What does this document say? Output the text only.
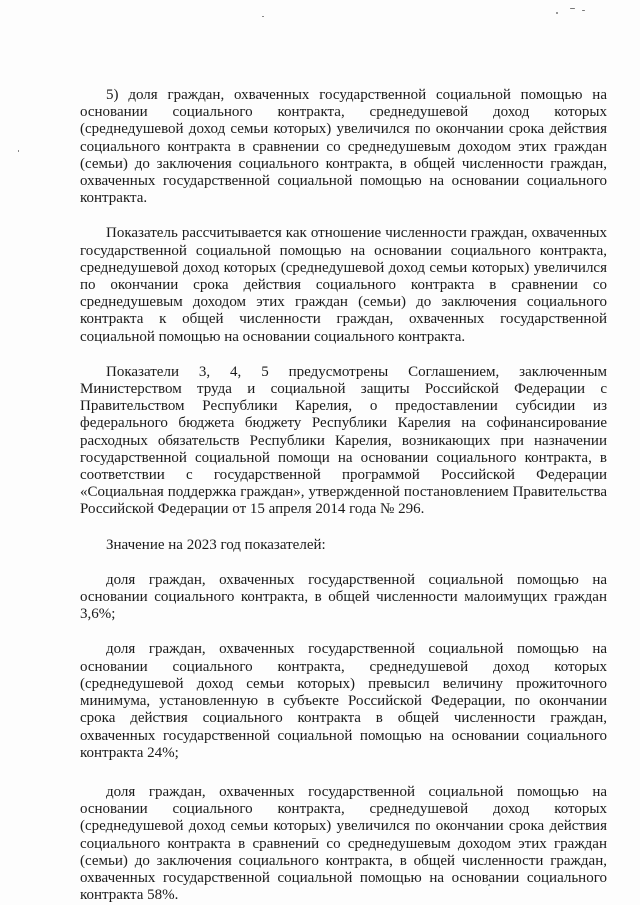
5) доля граждан, охваченных государственной социальной помощью на основании социального контракта, среднедушевой доход которых (среднедушевой доход семьи которых) увеличился по окончании срока действия социального контракта в сравнении со среднедушевым доходом этих граждан (семьи) до заключения социального контракта, в общей численности граждан, охваченных государственной социальной помощью на основании социального контракта.

Показатель рассчитывается как отношение численности граждан, охваченных государственной социальной помощью на основании социального контракта, среднедушевой доход которых (среднедушевой доход семьи которых) увеличился по окончании срока действия социального контракта в сравнении со среднедушевым доходом этих граждан (семьи) до заключения социального контракта к общей численности граждан, охваченных государственной социальной помощью на основании социального контракта.

Показатели 3, 4, 5 предусмотрены Соглашением, заключенным Министерством труда и социальной защиты Российской Федерации с Правительством Республики Карелия, о предоставлении субсидии из федерального бюджета бюджету Республики Карелия на софинансирование расходных обязательств Республики Карелия, возникающих при назначении государственной социальной помощи на основании социального контракта, в соответствии с государственной программой Российской Федерации «Социальная поддержка граждан», утвержденной постановлением Правительства Российской Федерации от 15 апреля 2014 года № 296.

Значение на 2023 год показателей:

доля граждан, охваченных государственной социальной помощью на основании социального контракта, в общей численности малоимущих граждан 3,6%;

доля граждан, охваченных государственной социальной помощью на основании социального контракта, среднедушевой доход которых (среднедушевой доход семьи которых) превысил величину прожиточного минимума, установленную в субъекте Российской Федерации, по окончании срока действия социального контракта в общей численности граждан, охваченных государственной социальной помощью на основании социального контракта 24%;

доля граждан, охваченных государственной социальной помощью на основании социального контракта, среднедушевой доход которых (среднедушевой доход семьи которых) увеличился по окончании срока действия социального контракта в сравнении со среднедушевым доходом этих граждан (семьи) до заключения социального контракта, в общей численности граждан, охваченных государственной социальной помощью на основании социального контракта 58%.
